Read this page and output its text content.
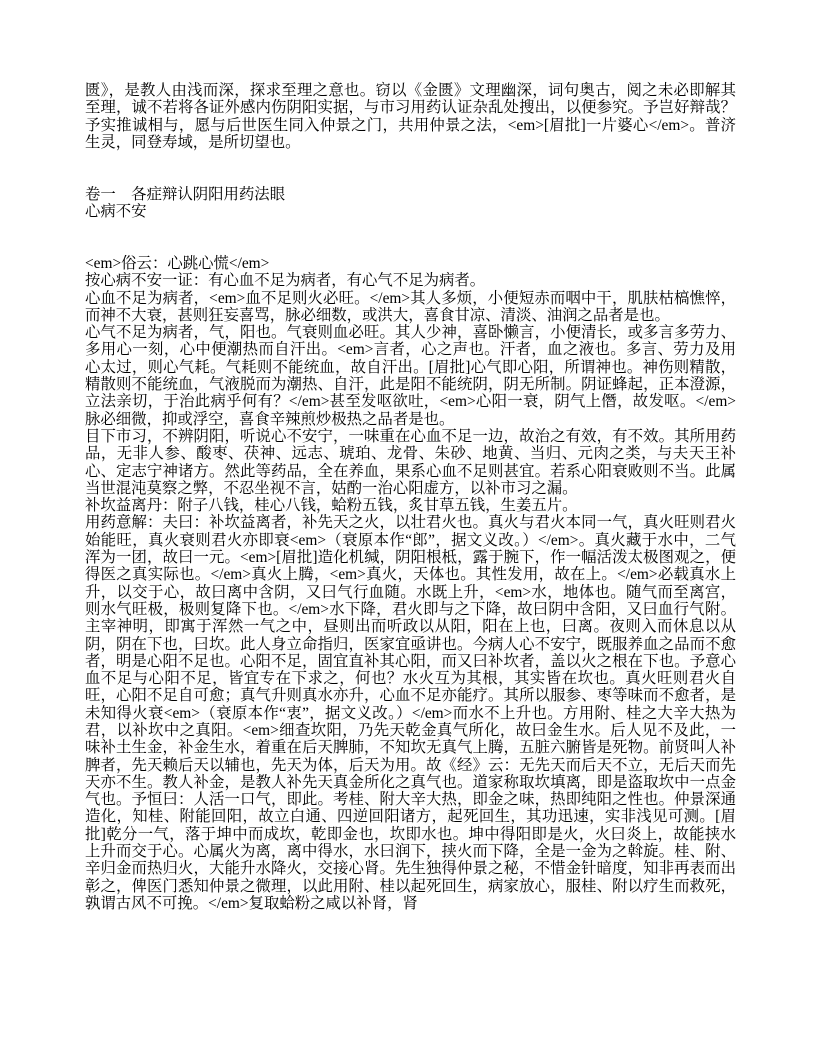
匮》，是教人由浅而深，探求至理之意也。窃以《金匮》文理幽深，词句奥古，阅之未必即解其至理，诚不若将各证外感内伤阴阳实据，与市习用药认证杂乱处搜出，以便参究。予岂好辩哉？予实推诚相与，愿与后世医生同入仲景之门，共用仲景之法，<em>[眉批]一片婆心</em>。普济生灵，同登寿域，是所切望也。

卷一　各症辩认阴阳用药法眼
心病不安

<em>俗云：心跳心慌</em>

按心病不安一证：有心血不足为病者，有心气不足为病者。

心血不足为病者，<em>血不足则火必旺。</em>其人多烦，小便短赤而咽中干，肌肤枯槁憔悴，而神不大衰，甚则狂妄喜骂，脉必细数，或洪大，喜食甘凉、清淡、油润之品者是也。

心气不足为病者，气，阳也。气衰则血必旺。其人少神，喜卧懒言，小便清长，或多言多劳力、多用心一刻，心中便潮热而自汗出。<em>言者，心之声也。汗者，血之液也。多言、劳力及用心太过，则心气耗。气耗则不能统血，故自汗出。[眉批]心气即心阳，所谓神也。神伤则精散，精散则不能统血，气液脱而为潮热、自汗，此是阳不能统阴，阴无所制。阴证蜂起，正本澄源，立法亲切，于治此病乎何有？</em>甚至发呕欲吐，<em>心阳一衰，阴气上僭，故发呕。</em>脉必细微，抑或浮空，喜食辛辣煎炒极热之品者是也。

目下市习，不辨阴阳，听说心不安宁，一味重在心血不足一边，故治之有效，有不效。其所用药品，无非人参、酸枣、茯神、远志、琥珀、龙骨、朱砂、地黄、当归、元肉之类，与夫天王补心、定志宁神诸方。然此等药品，全在养血，果系心血不足则甚宜。若系心阳衰败则不当。此属当世混沌莫察之弊，不忍坐视不言，姑酌一治心阳虚方，以补市习之漏。

补坎益离丹：附子八钱，桂心八钱，蛤粉五钱，炙甘草五钱，生姜五片。

用药意解：夫曰：补坎益离者，补先天之火，以壮君火也。真火与君火本同一气，真火旺则君火始能旺，真火衰则君火亦即衰<em>（衰原本作“郎”，据文义改。）</em>。真火藏于水中，二气浑为一团，故曰一元。<em>[眉批]造化机缄，阴阳根柢，露于腕下，作一幅活泼太极图观之，便得医之真实际也。</em>真火上腾，<em>真火，天体也。其性发用，故在上。</em>必载真水上升，以交于心，故曰离中含阴，又曰气行血随。水既上升，<em>水，地体也。随气而至离宫，则水气旺极，极则复降下也。</em>水下降，君火即与之下降，故曰阴中含阳，又曰血行气附。主宰神明，即寓于浑然一气之中，昼则出而听政以从阳，阳在上也，曰离。夜则入而休息以从阴，阴在下也，曰坎。此人身立命指归，医家宜亟讲也。今病人心不安宁，既服养血之品而不愈者，明是心阳不足也。心阳不足，固宜直补其心阳，而又曰补坎者，盖以火之根在下也。予意心血不足与心阳不足，皆宜专在下求之，何也？水火互为其根，其实皆在坎也。真火旺则君火自旺，心阳不足自可愈；真气升则真水亦升，心血不足亦能疗。其所以服参、枣等味而不愈者，是未知得火衰<em>（衰原本作“衷”，据文义改。）</em>而水不上升也。方用附、桂之大辛大热为君，以补坎中之真阳。<em>细查坎阳，乃先天乾金真气所化，故曰金生水。后人见不及此，一味补土生金，补金生水，着重在后天脾肺，不知坎无真气上腾，五脏六腑皆是死物。前贤叫人补脾者，先天赖后天以辅也，先天为体，后天为用。故《经》云：无先天而后天不立，无后天而先天亦不生。教人补金，是教人补先天真金所化之真气也。道家称取坎填离，即是盗取坎中一点金气也。予恒曰：人活一口气，即此。考桂、附大辛大热，即金之味，热即纯阳之性也。仲景深通造化，知桂、附能回阳，故立白通、四逆回阳诸方，起死回生，其功迅速，实非浅见可测。[眉批]乾分一气，落于坤中而成坎，乾即金也，坎即水也。坤中得阳即是火，火曰炎上，故能挟水上升而交于心。心属火为离，离中得水，水曰润下，挟火而下降，全是一金为之斡旋。桂、附、辛归金而热归火，大能升水降火，交接心肾。先生独得仲景之秘，不惜金针暗度，知非再表而出彰之，俾医门悉知仲景之微理，以此用附、桂以起死回生，病家放心，服桂、附以疗生而救死，孰谓古风不可挽。</em>复取蛤粉之咸以补肾，肾
